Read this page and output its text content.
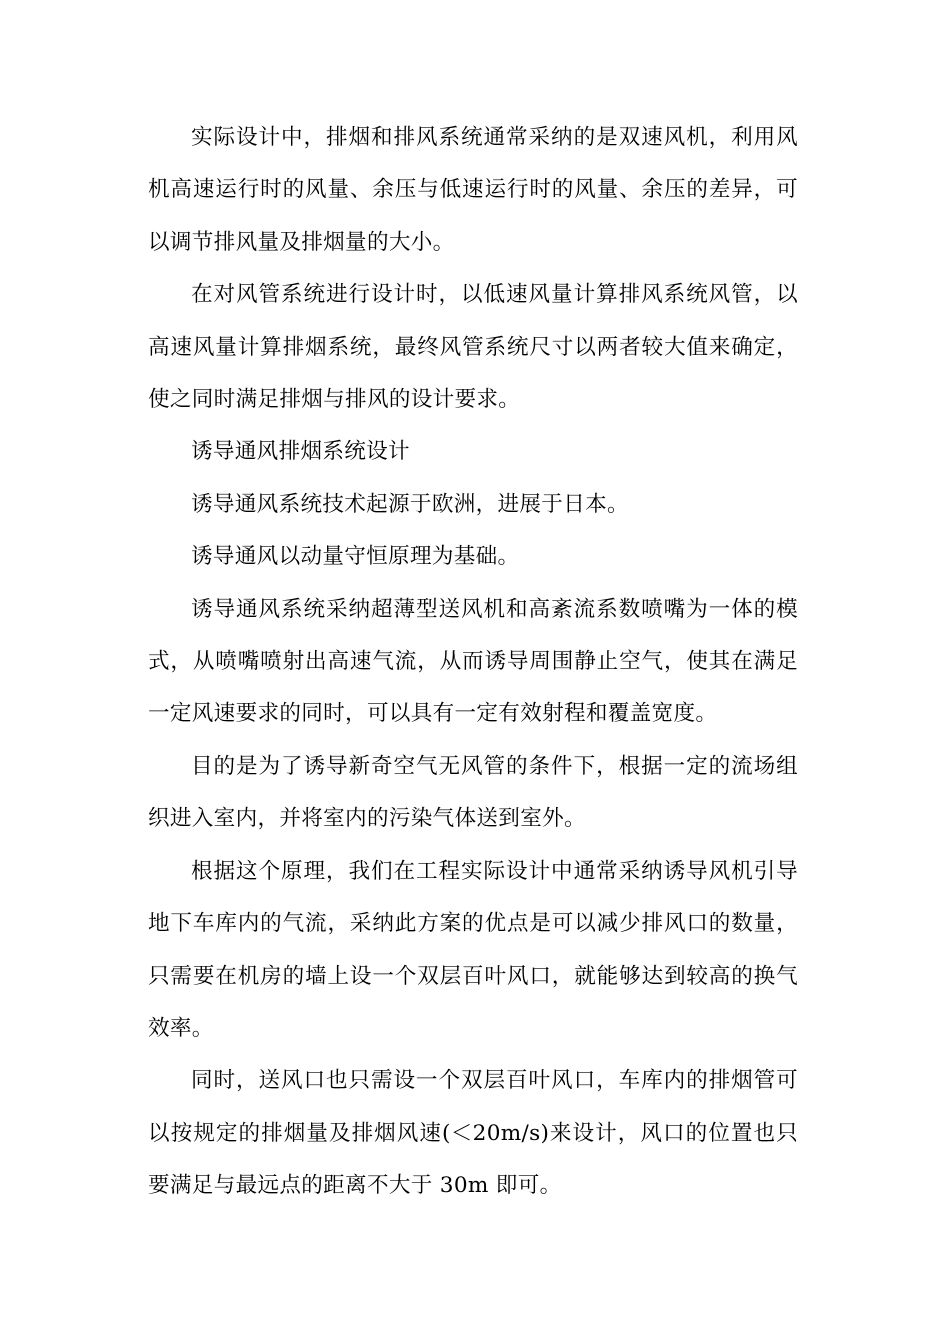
实际设计中，排烟和排风系统通常采纳的是双速风机，利用风机高速运行时的风量、余压与低速运行时的风量、余压的差异，可以调节排风量及排烟量的大小。

在对风管系统进行设计时，以低速风量计算排风系统风管，以高速风量计算排烟系统，最终风管系统尺寸以两者较大值来确定，使之同时满足排烟与排风的设计要求。

诱导通风排烟系统设计

诱导通风系统技术起源于欧洲，进展于日本。

诱导通风以动量守恒原理为基础。

诱导通风系统采纳超薄型送风机和高紊流系数喷嘴为一体的模式，从喷嘴喷射出高速气流，从而诱导周围静止空气，使其在满足一定风速要求的同时，可以具有一定有效射程和覆盖宽度。

目的是为了诱导新奇空气无风管的条件下，根据一定的流场组织进入室内，并将室内的污染气体送到室外。

根据这个原理，我们在工程实际设计中通常采纳诱导风机引导地下车库内的气流，采纳此方案的优点是可以减少排风口的数量，只需要在机房的墙上设一个双层百叶风口，就能够达到较高的换气效率。

同时，送风口也只需设一个双层百叶风口，车库内的排烟管可以按规定的排烟量及排烟风速(＜20m/s)来设计，风口的位置也只要满足与最远点的距离不大于 30m 即可。
